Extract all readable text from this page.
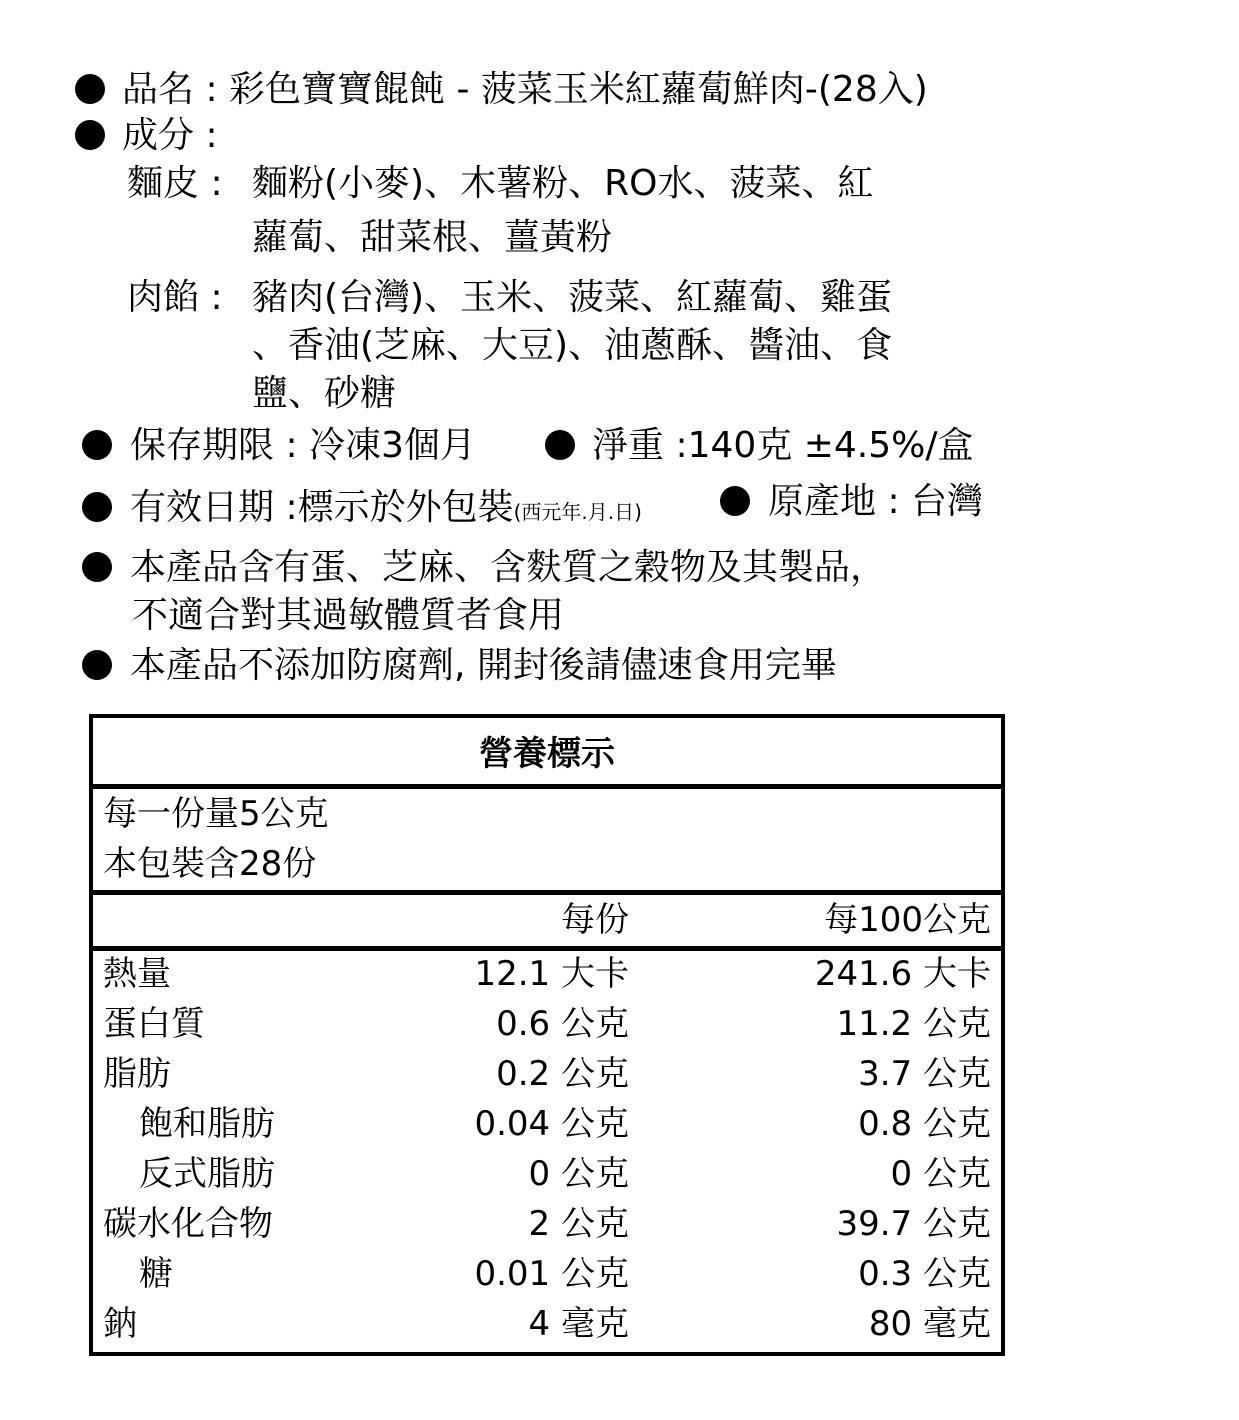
品名 : 彩色寶寶餛飩 - 菠菜玉米紅蘿蔔鮮肉-(28入)
成分 :
麵皮 : 麵粉(小麥)、木薯粉、RO水、菠菜、紅
蘿蔔、甜菜根、薑黃粉
肉餡 : 豬肉(台灣)、玉米、菠菜、紅蘿蔔、雞蛋
、香油(芝麻、大豆)、油蔥酥、醬油、食
鹽、砂糖
保存期限 : 冷凍3個月	淨重 :140克 ±4.5%/盒
有效日期 :標示於外包裝(西元年.月.日)	原產地 : 台灣
本產品含有蛋、芝麻、含麩質之穀物及其製品，
不適合對其過敏體質者食用
本產品不添加防腐劑, 開封後請儘速食用完畢
營養標示
每一份量5公克
本包裝含28份
每份	每100公克
熱量	12.1 大卡	241.6 大卡
蛋白質	0.6 公克	11.2 公克
脂肪	0.2 公克	3.7 公克
飽和脂肪	0.04 公克	0.8 公克
反式脂肪	0 公克	0 公克
碳水化合物	2 公克	39.7 公克
糖	0.01 公克	0.3 公克
鈉	4 毫克	80 毫克
